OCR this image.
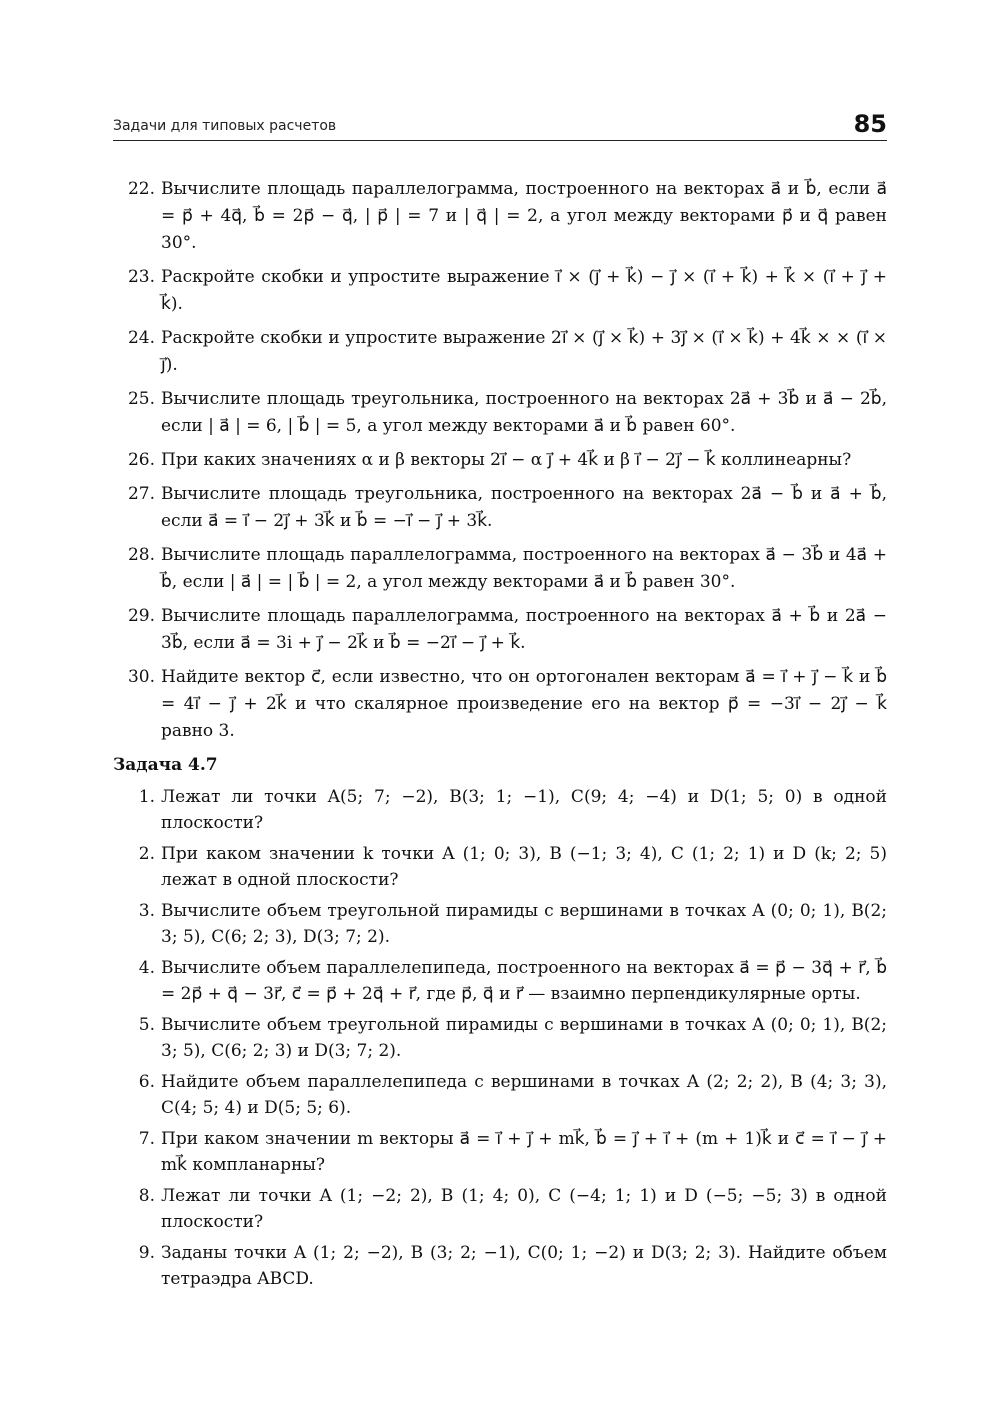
Задачи для типовых расчетов	85
22. Вычислите площадь параллелограмма, построенного на векторах a⃗ и b⃗, если a⃗ = p⃗ + 4q⃗, b⃗ = 2p⃗ − q⃗, | p⃗ | = 7 и | q⃗ | = 2, а угол между векторами p⃗ и q⃗ равен 30°.
23. Раскройте скобки и упростите выражение i⃗ × (j⃗ + k⃗) − j⃗ × (i⃗ + k⃗) + k⃗ × (i⃗ + j⃗ + k⃗).
24. Раскройте скобки и упростите выражение 2i⃗ × (j⃗ × k⃗) + 3j⃗ × (i⃗ × k⃗) + 4k⃗ × × (i⃗ × j⃗).
25. Вычислите площадь треугольника, построенного на векторах 2a⃗ + 3b⃗ и a⃗ − 2b⃗, если | a⃗ | = 6, | b⃗ | = 5, а угол между векторами a⃗ и b⃗ равен 60°.
26. При каких значениях α и β векторы 2i⃗ − α j⃗ + 4k⃗ и β i⃗ − 2j⃗ − k⃗ коллинеарны?
27. Вычислите площадь треугольника, построенного на векторах 2a⃗ − b⃗ и a⃗ + b⃗, если a⃗ = i⃗ − 2j⃗ + 3k⃗ и b⃗ = −i⃗ − j⃗ + 3k⃗.
28. Вычислите площадь параллелограмма, построенного на векторах a⃗ − 3b⃗ и 4a⃗ + b⃗, если | a⃗ | = | b⃗ | = 2, а угол между векторами a⃗ и b⃗ равен 30°.
29. Вычислите площадь параллелограмма, построенного на векторах a⃗ + b⃗ и 2a⃗ − 3b⃗, если a⃗ = 3i + j⃗ − 2k⃗ и b⃗ = −2i⃗ − j⃗ + k⃗.
30. Найдите вектор c⃗, если известно, что он ортогонален векторам a⃗ = i⃗ + j⃗ − k⃗ и b⃗ = 4i⃗ − j⃗ + 2k⃗ и что скалярное произведение его на вектор p⃗ = −3i⃗ − 2j⃗ − k⃗ равно 3.
Задача 4.7
1. Лежат ли точки A(5; 7; −2), B(3; 1; −1), C(9; 4; −4) и D(1; 5; 0) в одной плоскости?
2. При каком значении k точки A (1; 0; 3), B (−1; 3; 4), C (1; 2; 1) и D (k; 2; 5) лежат в одной плоскости?
3. Вычислите объем треугольной пирамиды с вершинами в точках A (0; 0; 1), B(2; 3; 5), C(6; 2; 3), D(3; 7; 2).
4. Вычислите объем параллелепипеда, построенного на векторах a⃗ = p⃗ − 3q⃗ + r⃗, b⃗ = 2p⃗ + q⃗ − 3r⃗, c⃗ = p⃗ + 2q⃗ + r⃗, где p⃗, q⃗ и r⃗ — взаимно перпендикулярные орты.
5. Вычислите объем треугольной пирамиды с вершинами в точках A (0; 0; 1), B(2; 3; 5), C(6; 2; 3) и D(3; 7; 2).
6. Найдите объем параллелепипеда с вершинами в точках A (2; 2; 2), B (4; 3; 3), C(4; 5; 4) и D(5; 5; 6).
7. При каком значении m векторы a⃗ = i⃗ + j⃗ + mk⃗, b⃗ = j⃗ + i⃗ + (m + 1)k⃗ и c⃗ = i⃗ − j⃗ + mk⃗ компланарны?
8. Лежат ли точки A (1; −2; 2), B (1; 4; 0), C (−4; 1; 1) и D (−5; −5; 3) в одной плоскости?
9. Заданы точки A (1; 2; −2), B (3; 2; −1), C(0; 1; −2) и D(3; 2; 3). Найдите объем тетраэдра ABCD.
